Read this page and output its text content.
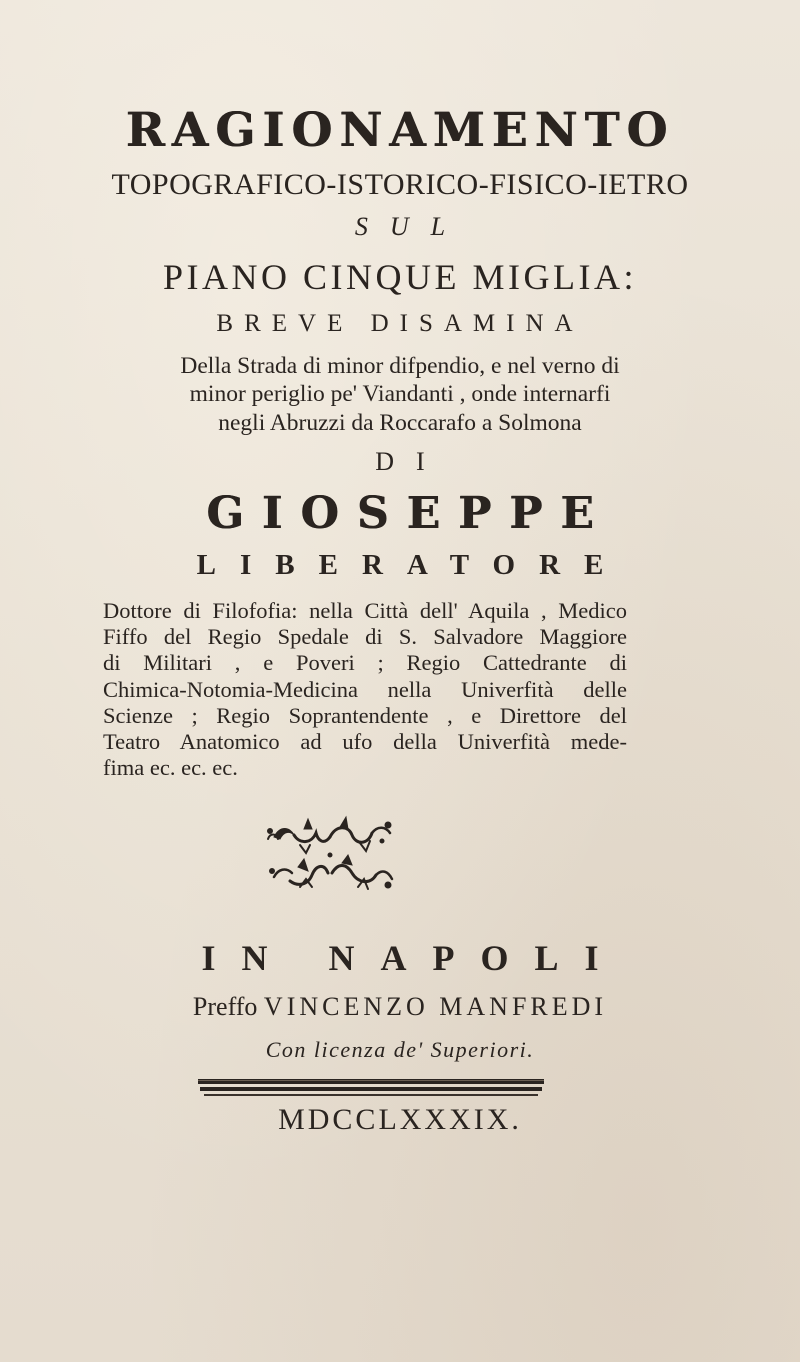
RAGIONAMENTO
TOPOGRAFICO-ISTORICO-FISICO-IETRO
SUL
PIANO CINQUE MIGLIA:
BREVE DISAMINA
Della Strada di minor difpendio, e nel verno di
minor periglio pe' Viandanti , onde internarfi
negli Abruzzi da Roccarafo a Solmona
DI
GIOSEPPE
LIBERATORE
Dottore di Filofofia: nella Città dell' Aquila , Medico
Fiffo del Regio Spedale di S. Salvadore Maggiore
di Militari , e Poveri ; Regio Cattedrante di
Chimica-Notomia-Medicina nella Univerfità delle
Scienze ; Regio Soprantendente , e Direttore del
Teatro Anatomico ad ufo della Univerfità mede-
fima ec. ec. ec.
IN NAPOLI
Preffo VINCENZO MANFREDI
Con licenza de' Superiori.
MDCCLXXXIX.
